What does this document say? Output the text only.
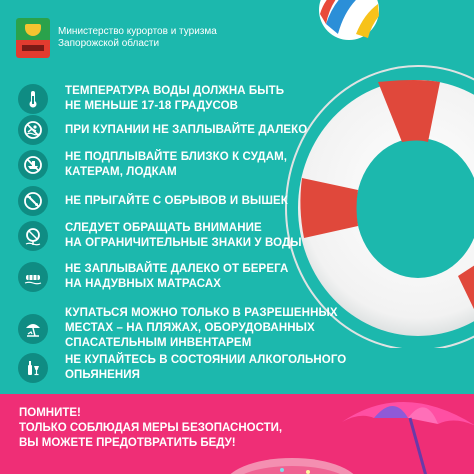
Министерство курортов и туризма
Запорожской области
ТЕМПЕРАТУРА ВОДЫ ДОЛЖНА БЫТЬ
НЕ МЕНЬШЕ 17-18 ГРАДУСОВ
ПРИ КУПАНИИ НЕ ЗАПЛЫВАЙТЕ ДАЛЕКО
НЕ ПОДПЛЫВАЙТЕ БЛИЗКО К СУДАМ,
КАТЕРАМ, ЛОДКАМ
НЕ ПРЫГАЙТЕ С ОБРЫВОВ И ВЫШЕК
СЛЕДУЕТ ОБРАЩАТЬ ВНИМАНИЕ
НА ОГРАНИЧИТЕЛЬНЫЕ ЗНАКИ У ВОДЫ
НЕ ЗАПЛЫВАЙТЕ ДАЛЕКО ОТ БЕРЕГА
НА НАДУВНЫХ МАТРАСАХ
КУПАТЬСЯ МОЖНО ТОЛЬКО В РАЗРЕШЕННЫХ
МЕСТАХ – НА ПЛЯЖАХ, ОБОРУДОВАННЫХ
СПАСАТЕЛЬНЫМ ИНВЕНТАРЕМ
НЕ КУПАЙТЕСЬ В СОСТОЯНИИ АЛКОГОЛЬНОГО ОПЬЯНЕНИЯ
ПОМНИТЕ!
ТОЛЬКО СОБЛЮДАЯ МЕРЫ БЕЗОПАСНОСТИ,
ВЫ МОЖЕТЕ ПРЕДОТВРАТИТЬ БЕДУ!
